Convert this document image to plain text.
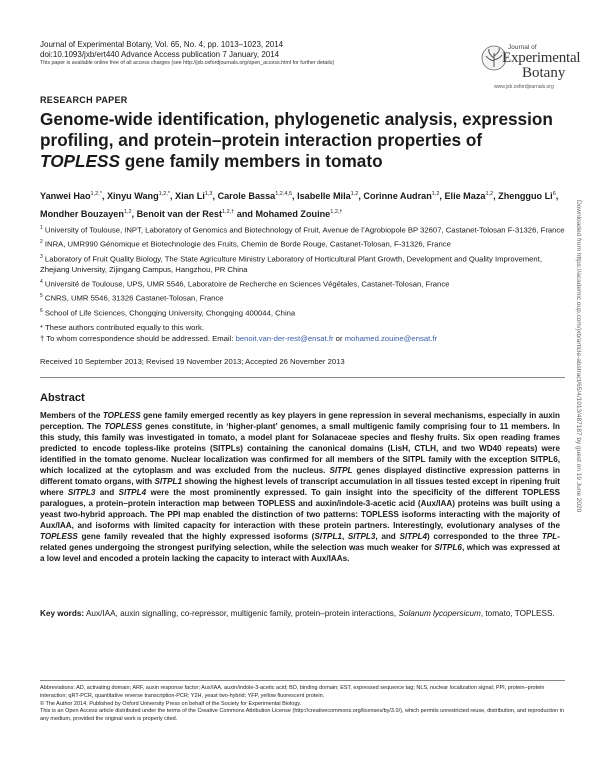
Journal of Experimental Botany, Vol. 65, No. 4, pp. 1013–1023, 2014
doi:10.1093/jxb/ert440 Advance Access publication 7 January, 2014
This paper is available online free of all access charges (see http://jxb.oxfordjournals.org/open_access.html for further details)
Journal of
Experimental
Botany
www.jxb.oxfordjournals.org
RESEARCH PAPER
Genome-wide identification, phylogenetic analysis, expression profiling, and protein–protein interaction properties of TOPLESS gene family members in tomato
Yanwei Hao$^{1,2,*}$, Xinyu Wang$^{1,2,*}$, Xian Li$^{1,3}$, Carole Bassa$^{1,2,4,5}$, Isabelle Mila$^{1,2}$, Corinne Audran$^{1,2}$, Elie Maza$^{1,2}$, Zhengguo Li$^6$, Mondher Bouzayen$^{1,2}$, Benoit van der Rest$^{1,2,\dagger}$ and Mohamed Zouine$^{1,2,\dagger}$
$^1$ University of Toulouse, INPT, Laboratory of Genomics and Biotechnology of Fruit, Avenue de l’Agrobiopole BP 32607, Castanet-Tolosan F-31326, France
$^2$ INRA, UMR990 Génomique et Biotechnologie des Fruits, Chemin de Borde Rouge, Castanet-Tolosan, F-31326, France
$^3$ Laboratory of Fruit Quality Biology, The State Agriculture Ministry Laboratory of Horticultural Plant Growth, Development and Quality Improvement, Zhejiang University, Zijingang Campus, Hangzhou, PR China
$^4$ Université de Toulouse, UPS, UMR 5546, Laboratoire de Recherche en Sciences Végétales, Castanet-Tolosan, France
$^5$ CNRS, UMR 5546, 31326 Castanet-Tolosan, France
$^6$ School of Life Sciences, Chongqing University, Chongqing 400044, China
* These authors contributed equally to this work.
† To whom correspondence should be addressed. Email: benoit.van-der-rest@ensat.fr or mohamed.zouine@ensat.fr
Received 10 September 2013; Revised 19 November 2013; Accepted 26 November 2013
Abstract
Members of the TOPLESS gene family emerged recently as key players in gene repression in several mechanisms, especially in auxin perception. The TOPLESS genes constitute, in ‘higher-plant’ genomes, a small multigenic family comprising four to 11 members. In this study, this family was investigated in tomato, a model plant for Solanaceae species and fleshy fruits. Six open reading frames predicted to encode topless-like proteins (SlTPLs) containing the canonical domains (LisH, CTLH, and two WD40 repeats) were identified in the tomato genome. Nuclear localization was confirmed for all members of the SlTPL family with the exception SlTPL6, which localized at the cytoplasm and was excluded from the nucleus. SlTPL genes displayed distinctive expression patterns in different tomato organs, with SlTPL1 showing the highest levels of transcript accumulation in all tissues tested except in ripening fruit where SlTPL3 and SlTPL4 were the most prominently expressed. To gain insight into the specificity of the different TOPLESS paralogues, a protein–protein interaction map between TOPLESS and auxin/indole-3-acetic acid (Aux/IAA) proteins was built using a yeast two-hybrid approach. The PPI map enabled the distinction of two patterns: TOPLESS isoforms interacting with the majority of Aux/IAA, and isoforms with limited capacity for interaction with these protein partners. Interestingly, evolutionary analyses of the TOPLESS gene family revealed that the highly expressed isoforms (SlTPL1, SlTPL3, and SlTPL4) corresponded to the three TPL-related genes undergoing the strongest purifying selection, while the selection was much weaker for SlTPL6, which was expressed at a low level and encoded a protein lacking the capacity to interact with Aux/IAAs.
Key words: Aux/IAA, auxin signalling, co-repressor, multigenic family, protein–protein interactions, Solanum lycopersicum, tomato, TOPLESS.
Abbreviations: AD, activating domain; ARF, auxin response factor; Aux/IAA, auxin/indole-3-acetic acid; BD, binding domain; EST, expressed sequence tag; NLS, nuclear localization signal; PPI, protein–protein interaction; qRT-PCR, quantitative reverse transcription-PCR; Y2H, yeast two-hybrid; YFP, yellow fluorescent protein.
© The Author 2014. Published by Oxford University Press on behalf of the Society for Experimental Biology.
This is an Open Access article distributed under the terms of the Creative Commons Attribution License (http://creativecommons.org/licenses/by/3.0/), which permits unrestricted reuse, distribution, and reproduction in any medium, provided the original work is properly cited.
Downloaded from https://academic.oup.com/jxb/article-abstract/65/4/1013/487187 by guest on 19 June 2020
